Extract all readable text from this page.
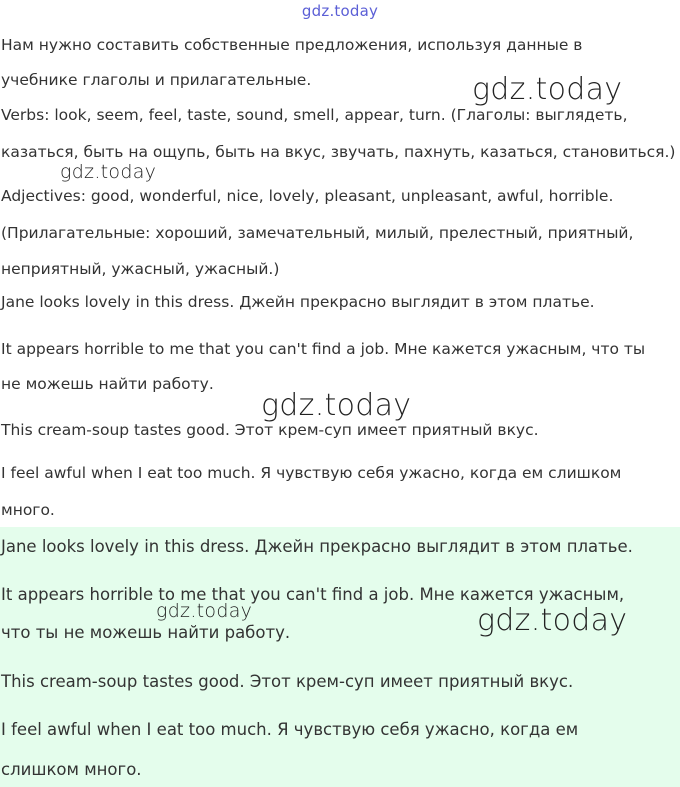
gdz.today
Нам нужно составить собственные предложения, используя данные в
учебнике глаголы и прилагательные.
Verbs: look, seem, feel, taste, sound, smell, appear, turn. (Глаголы: выглядеть,
казаться, быть на ощупь, быть на вкус, звучать, пахнуть, казаться, становиться.)
Adjectives: good, wonderful, nice, lovely, pleasant, unpleasant, awful, horrible.
(Прилагательные: хороший, замечательный, милый, прелестный, приятный,
неприятный, ужасный, ужасный.)
Jane looks lovely in this dress. Джейн прекрасно выглядит в этом платье.
It appears horrible to me that you can't find a job. Мне кажется ужасным, что ты
не можешь найти работу.
This cream-soup tastes good. Этот крем-суп имеет приятный вкус.
I feel awful when I eat too much. Я чувствую себя ужасно, когда ем слишком
много.
Jane looks lovely in this dress. Джейн прекрасно выглядит в этом платье.
It appears horrible to me that you can't find a job. Мне кажется ужасным,
что ты не можешь найти работу.
This cream-soup tastes good. Этот крем-суп имеет приятный вкус.
I feel awful when I eat too much. Я чувствую себя ужасно, когда ем
слишком много.
gdz.today
gdz.today
gdz.today
gdz.today	gdz.today
